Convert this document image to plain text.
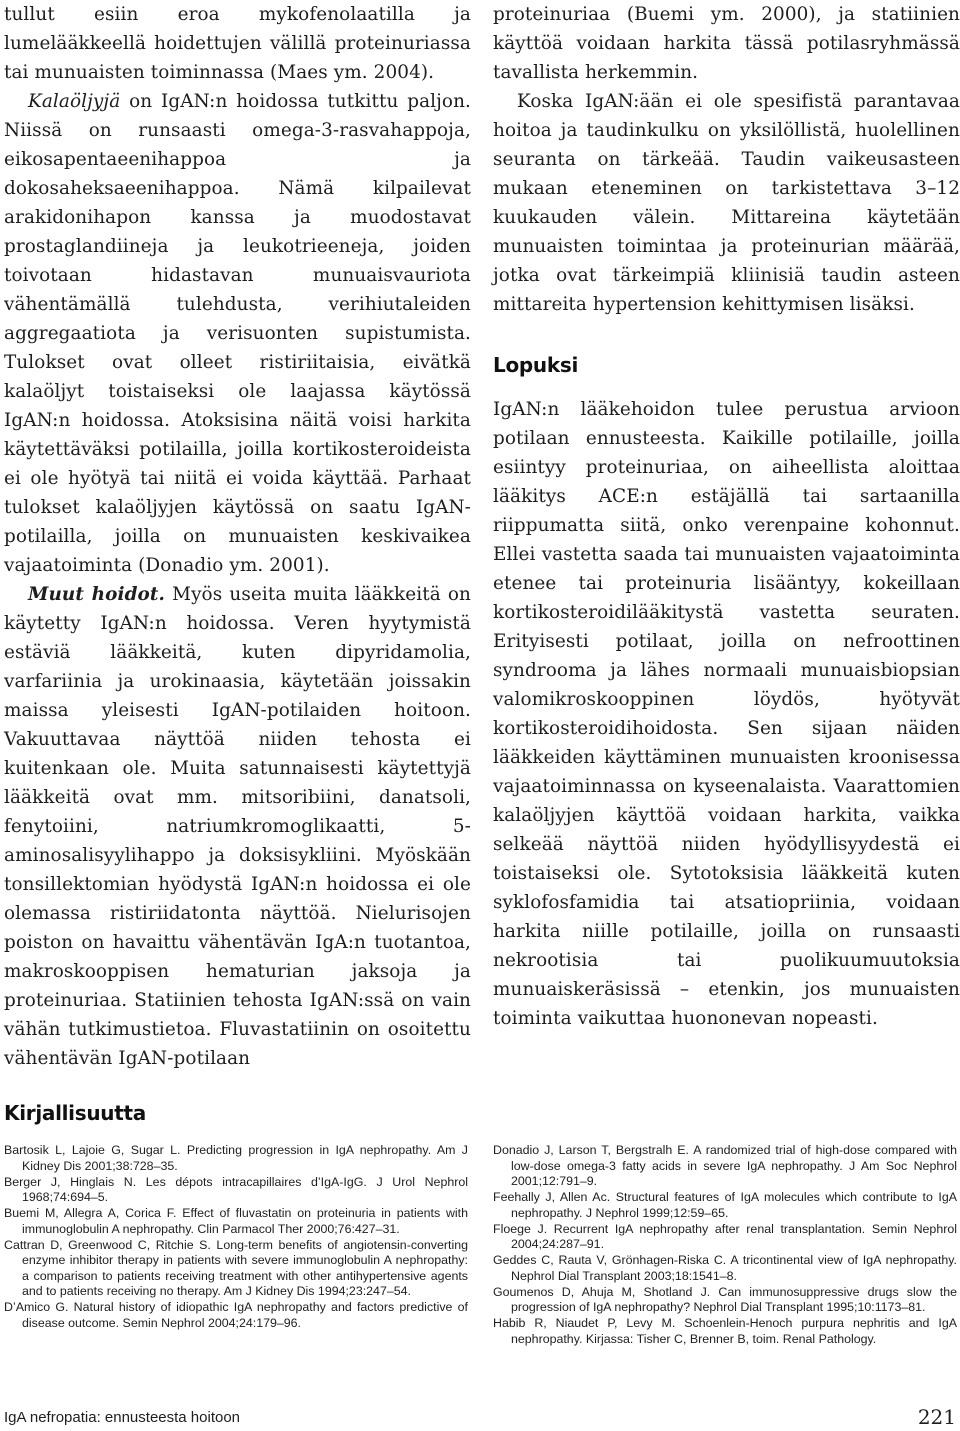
tullut esiin eroa mykofenolaatilla ja lumelääkkeellä hoidettujen välillä proteinuriassa tai munuaisten toiminnassa (Maes ym. 2004).

Kalaöljyjä on IgAN:n hoidossa tutkittu paljon. Niissä on runsaasti omega-3-rasvahappoja, eikosapentaeenihappoa ja dokosaheksaeenihappoa. Nämä kilpailevat arakidonihapon kanssa ja muodostavat prostaglandiineja ja leukotrieeneja, joiden toivotaan hidastavan munuaisvauriota vähentämällä tulehdusta, verihiutaleiden aggregaatiota ja verisuonten supistumista. Tulokset ovat olleet ristiriitaisia, eivätkä kalaöljyt toistaiseksi ole laajassa käytössä IgAN:n hoidossa. Atoksisina näitä voisi harkita käytettäväksi potilailla, joilla kortikosteroideista ei ole hyötyä tai niitä ei voida käyttää. Parhaat tulokset kalaöljyjen käytössä on saatu IgAN-potilailla, joilla on munuaisten keskivaikea vajaatoiminta (Donadio ym. 2001).

Muut hoidot. Myös useita muita lääkkeitä on käytetty IgAN:n hoidossa. Veren hyytymistä estäviä lääkkeitä, kuten dipyridamolia, varfariinia ja urokinaasia, käytetään joissakin maissa yleisesti IgAN-potilaiden hoitoon. Vakuuttavaa näyttöä niiden tehosta ei kuitenkaan ole. Muita satunnaisesti käytettyjä lääkkeitä ovat mm. mitsoribiini, danatsoli, fenytoiini, natriumkromoglikaatti, 5-aminosalisyylihappo ja doksisykliini. Myöskään tonsillektomian hyödystä IgAN:n hoidossa ei ole olemassa ristiriidatonta näyttöä. Nielurisojen poiston on havaittu vähentävän IgA:n tuotantoa, makroskooppisen hematurian jaksoja ja proteinuriaa. Statiinien tehosta IgAN:ssä on vain vähän tutkimustietoa. Fluvastatiinin on osoitettu vähentävän IgAN-potilaan

proteinuriaa (Buemi ym. 2000), ja statiinien käyttöä voidaan harkita tässä potilasryhmässä tavallista herkemmin.

Koska IgAN:ään ei ole spesifistä parantavaa hoitoa ja taudinkulku on yksilöllistä, huolellinen seuranta on tärkeää. Taudin vaikeusasteen mukaan eteneminen on tarkistettava 3–12 kuukauden välein. Mittareina käytetään munuaisten toimintaa ja proteinurian määrää, jotka ovat tärkeimpiä kliinisiä taudin asteen mittareita hypertension kehittymisen lisäksi.

Lopuksi

IgAN:n lääkehoidon tulee perustua arvioon potilaan ennusteesta. Kaikille potilaille, joilla esiintyy proteinuriaa, on aiheellista aloittaa lääkitys ACE:n estäjällä tai sartaanilla riippumatta siitä, onko verenpaine kohonnut. Ellei vastetta saada tai munuaisten vajaatoiminta etenee tai proteinuria lisääntyy, kokeillaan kortikosteroidilääkitystä vastetta seuraten. Erityisesti potilaat, joilla on nefroottinen syndrooma ja lähes normaali munuaisbiopsian valomikroskooppinen löydös, hyötyvät kortikosteroidihoidosta. Sen sijaan näiden lääkkeiden käyttäminen munuaisten kroonisessa vajaatoiminnassa on kyseenalaista. Vaarattomien kalaöljyjen käyttöä voidaan harkita, vaikka selkeää näyttöä niiden hyödyllisyydestä ei toistaiseksi ole. Sytotoksisia lääkkeitä kuten syklofosfamidia tai atsatiopriinia, voidaan harkita niille potilaille, joilla on runsaasti nekrootisia tai puolikuumuutoksia munuaiskeräsissä – etenkin, jos munuaisten toiminta vaikuttaa huononevan nopeasti.

Kirjallisuutta

Bartosik L, Lajoie G, Sugar L. Predicting progression in IgA nephropathy. Am J Kidney Dis 2001;38:728–35.

Berger J, Hinglais N. Les dépots intracapillaires d’IgA-IgG. J Urol Nephrol 1968;74:694–5.

Buemi M, Allegra A, Corica F. Effect of fluvastatin on proteinuria in patients with immunoglobulin A nephropathy. Clin Parmacol Ther 2000;76:427–31.

Cattran D, Greenwood C, Ritchie S. Long-term benefits of angiotensin-converting enzyme inhibitor therapy in patients with severe immunoglobulin A nephropathy: a comparison to patients receiving treatment with other antihypertensive agents and to patients receiving no therapy. Am J Kidney Dis 1994;23:247–54.

D’Amico G. Natural history of idiopathic IgA nephropathy and factors predictive of disease outcome. Semin Nephrol 2004;24:179–96.

Donadio J, Larson T, Bergstralh E. A randomized trial of high-dose compared with low-dose omega-3 fatty acids in severe IgA nephropathy. J Am Soc Nephrol 2001;12:791–9.

Feehally J, Allen Ac. Structural features of IgA molecules which contribute to IgA nephropathy. J Nephrol 1999;12:59–65.

Floege J. Recurrent IgA nephropathy after renal transplantation. Semin Nephrol 2004;24:287–91.

Geddes C, Rauta V, Grönhagen-Riska C. A tricontinental view of IgA nephropathy. Nephrol Dial Transplant 2003;18:1541–8.

Goumenos D, Ahuja M, Shotland J. Can immunosuppressive drugs slow the progression of IgA nephropathy? Nephrol Dial Transplant 1995;10:1173–81.

Habib R, Niaudet P, Levy M. Schoenlein-Henoch purpura nephritis and IgA nephropathy. Kirjassa: Tisher C, Brenner B, toim. Renal Pathology.

IgA nefropatia: ennusteesta hoitoon	221
